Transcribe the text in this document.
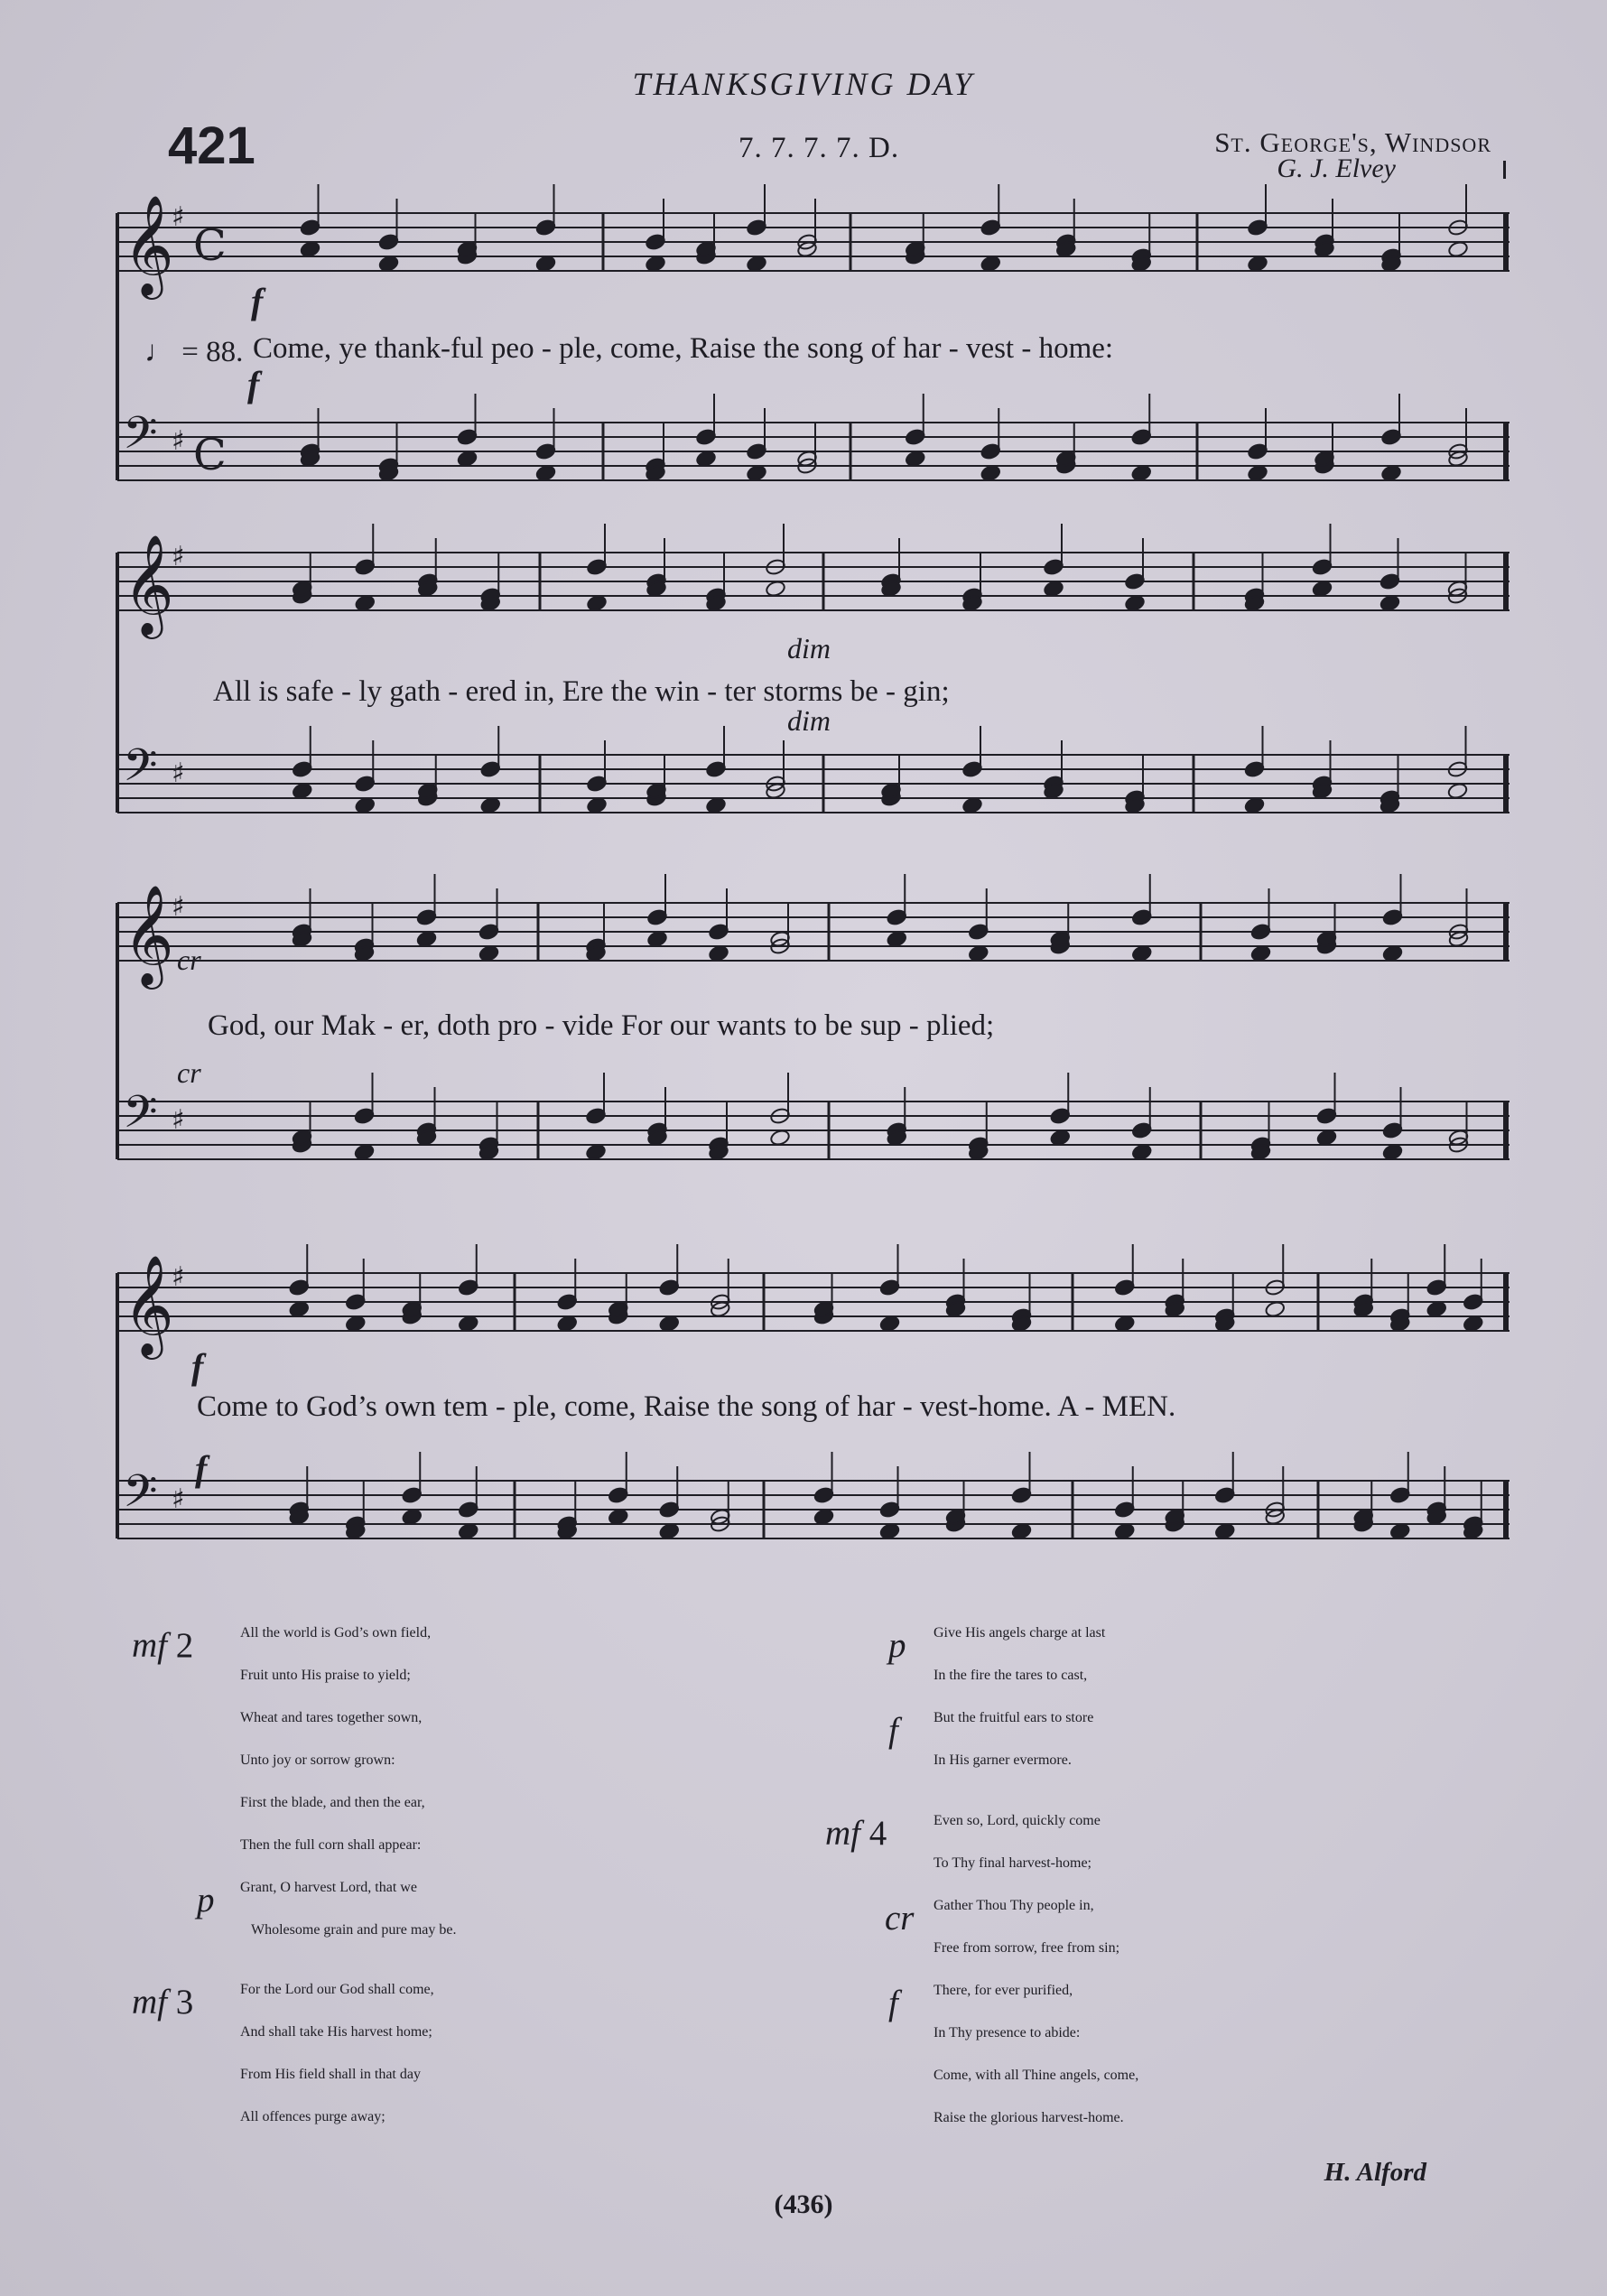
THANKSGIVING DAY
421	7. 7. 7. 7. D.	St. George's, Windsor
G. J. Elvey
𝄞
♯
C
𝄢 ♯ C
𝄞
♯
𝄢 ♯
𝄞
♯
𝄢 ♯
𝄞
♯
𝄢 ♯
♩ = 88.
f
f
dim
dim
cr
cr
f
f
Come, ye thank-ful peo - ple, come, Raise the song of har - vest - home:
All is safe - ly gath - ered in, Ere the win - ter storms be - gin;
God, our Mak - er, doth pro - vide For our wants to be sup - plied;
Come to God’s own tem - ple, come, Raise the song of har - vest-home. A - MEN.
mf 2	All the world is God’s own field,
Fruit unto His praise to yield;
Wheat and tares together sown,
Unto joy or sorrow grown:
First the blade, and then the ear,
Then the full corn shall appear:
p Grant, O harvest Lord, that we
Wholesome grain and pure may be.
mf 3	For the Lord our God shall come,
And shall take His harvest home;
From His field shall in that day
All offences purge away;
p Give His angels charge at last
In the fire the tares to cast,
f But the fruitful ears to store
In His garner evermore.
mf 4	Even so, Lord, quickly come
To Thy final harvest-home;
cr Gather Thou Thy people in,
Free from sorrow, free from sin;
f There, for ever purified,
In Thy presence to abide:
Come, with all Thine angels, come,
Raise the glorious harvest-home.
H. Alford
(436)
